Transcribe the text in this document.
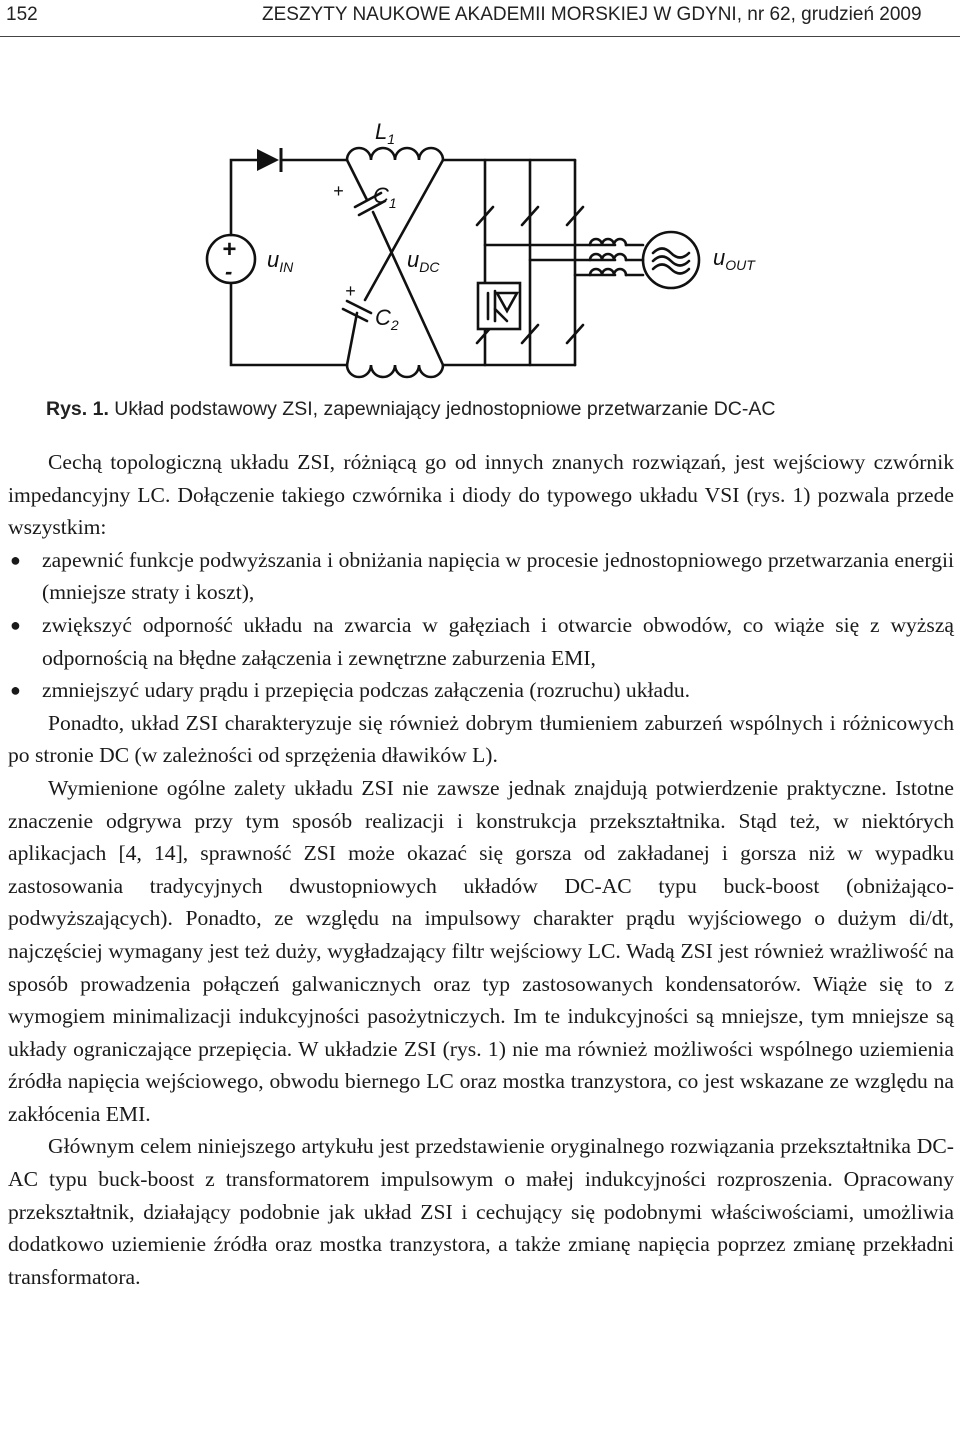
152	ZESZYTY NAUKOWE AKADEMII MORSKIEJ W GDYNI, nr 62, grudzień 2009
+
-
$L_1$
$C_1$
+
$C_2$
+
$u_{IN}$	$u_{DC}$	$u_{OUT}$
Rys. 1. Układ podstawowy ZSI, zapewniający jednostopniowe przetwarzanie DC-AC

Cechą topologiczną układu ZSI, różniącą go od innych znanych rozwiązań, jest wejściowy czwórnik impedancyjny LC. Dołączenie takiego czwórnika i diody do typowego układu VSI (rys. 1) pozwala przede wszystkim:

● zapewnić funkcje podwyższania i obniżania napięcia w procesie jednostopniowego przetwarzania energii (mniejsze straty i koszt),
● zwiększyć odporność układu na zwarcia w gałęziach i otwarcie obwodów, co wiąże się z wyższą odpornością na błędne załączenia i zewnętrzne zaburzenia EMI,
● zmniejszyć udary prądu i przepięcia podczas załączenia (rozruchu) układu.

Ponadto, układ ZSI charakteryzuje się również dobrym tłumieniem zaburzeń wspólnych i różnicowych po stronie DC (w zależności od sprzężenia dławików L).

Wymienione ogólne zalety układu ZSI nie zawsze jednak znajdują potwierdzenie praktyczne. Istotne znaczenie odgrywa przy tym sposób realizacji i konstrukcja przekształtnika. Stąd też, w niektórych aplikacjach [4, 14], sprawność ZSI może okazać się gorsza od zakładanej i gorsza niż w wypadku zastosowania tradycyjnych dwustopniowych układów DC-AC typu buck-boost (obniżająco-podwyższających). Ponadto, ze względu na impulsowy charakter prądu wyjściowego o dużym di/dt, najczęściej wymagany jest też duży, wygładzający filtr wejściowy LC. Wadą ZSI jest również wrażliwość na sposób prowadzenia połączeń galwanicznych oraz typ zastosowanych kondensatorów. Wiąże się to z wymogiem minimalizacji indukcyjności pasożytniczych. Im te indukcyjności są mniejsze, tym mniejsze są układy ograniczające przepięcia. W układzie ZSI (rys. 1) nie ma również możliwości wspólnego uziemienia źródła napięcia wejściowego, obwodu biernego LC oraz mostka tranzystora, co jest wskazane ze względu na zakłócenia EMI.

Głównym celem niniejszego artykułu jest przedstawienie oryginalnego rozwiązania przekształtnika DC-AC typu buck-boost z transformatorem impulsowym o małej indukcyjności rozproszenia. Opracowany przekształtnik, działający podobnie jak układ ZSI i cechujący się podobnymi właściwościami, umożliwia dodatkowo uziemienie źródła oraz mostka tranzystora, a także zmianę napięcia poprzez zmianę przekładni transformatora.
